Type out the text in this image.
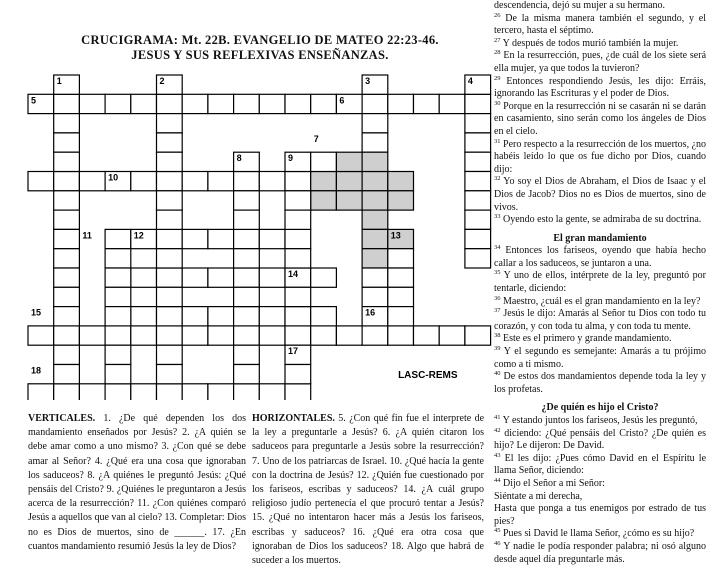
CRUCIGRAMA: Mt. 22B. EVANGELIO DE MATEO 22:23-46.
JESUS Y SUS REFLEXIVAS ENSEÑANZAS.
1	2	3	4
5	6
7
8	9
10
11	12	13
14
15	16
17
18	LASC-REMS
VERTICALES. 1. ¿De qué dependen los dos mandamiento enseñados por Jesús? 2. ¿A quién se debe amar como a uno mismo? 3. ¿Con qué se debe amar al Señor? 4. ¿Qué era una cosa que ignoraban los saduceos? 8. ¿A quiénes le preguntó Jesús: ¿Qué pensáis del Cristo? 9. ¿Quiénes le preguntaron a Jesús acerca de la resurrección? 11. ¿Con quiénes comparó Jesús a aquellos que van al cielo? 13. Completar: Dios no es Dios de muertos, sino de ______. 17. ¿En cuantos mandamiento resumió Jesús la ley de Dios?
HORIZONTALES. 5. ¿Con qué fin fue el interprete de la ley a preguntarle a Jesús? 6. ¿A quién citaron los saduceos para preguntarle a Jesús sobre la resurrección? 7. Uno de los patriarcas de Israel. 10. ¿Qué hacía la gente con la doctrina de Jesús? 12. ¿Quién fue cuestionado por los fariseos, escribas y saduceos? 14. ¿A cuál grupo religioso judío pertenecía el que procuró tentar a Jesús? 15. ¿Qué no intentaron hacer más a Jesús los fariseos, escribas y saduceos? 16. ¿Qué era otra cosa que ignoraban de Dios los saduceos? 18. Algo que habrá de suceder a los muertos.

descendencia, dejó su mujer a su hermano.

$^{26}$ De la misma manera también el segundo, y el tercero, hasta el séptimo.

$^{27}$ Y después de todos murió también la mujer.

$^{28}$ En la resurrección, pues, ¿de cuál de los siete será ella mujer, ya que todos la tuvieron?

$^{29}$ Entonces respondiendo Jesús, les dijo: Erráis, ignorando las Escrituras y el poder de Dios.

$^{30}$ Porque en la resurrección ni se casarán ni se darán en casamiento, sino serán como los ángeles de Dios en el cielo.

$^{31}$ Pero respecto a la resurrección de los muertos, ¿no habéis leído lo que os fue dicho por Dios, cuando dijo:

$^{32}$ Yo soy el Dios de Abraham, el Dios de Isaac y el Dios de Jacob? Dios no es Dios de muertos, sino de vivos.

$^{33}$ Oyendo esto la gente, se admiraba de su doctrina.

El gran mandamiento

$^{34}$ Entonces los fariseos, oyendo que había hecho callar a los saduceos, se juntaron a una.

$^{35}$ Y uno de ellos, intérprete de la ley, preguntó por tentarle, diciendo:

$^{36}$ Maestro, ¿cuál es el gran mandamiento en la ley?

$^{37}$ Jesús le dijo: Amarás al Señor tu Dios con todo tu corazón, y con toda tu alma, y con toda tu mente.

$^{38}$ Este es el primero y grande mandamiento.

$^{39}$ Y el segundo es semejante: Amarás a tu prójimo como a ti mismo.

$^{40}$ De estos dos mandamientos depende toda la ley y los profetas.

¿De quién es hijo el Cristo?

$^{41}$ Y estando juntos los fariseos, Jesús les preguntó,

$^{42}$ diciendo: ¿Qué pensáis del Cristo? ¿De quién es hijo? Le dijeron: De David.

$^{43}$ El les dijo: ¿Pues cómo David en el Espíritu le llama Señor, diciendo:

$^{44}$ Dijo el Señor a mi Señor:

Siéntate a mi derecha,

Hasta que ponga a tus enemigos por estrado de tus pies?

$^{45}$ Pues si David le llama Señor, ¿cómo es su hijo?

$^{46}$ Y nadie le podía responder palabra; ni osó alguno desde aquel día preguntarle más.
